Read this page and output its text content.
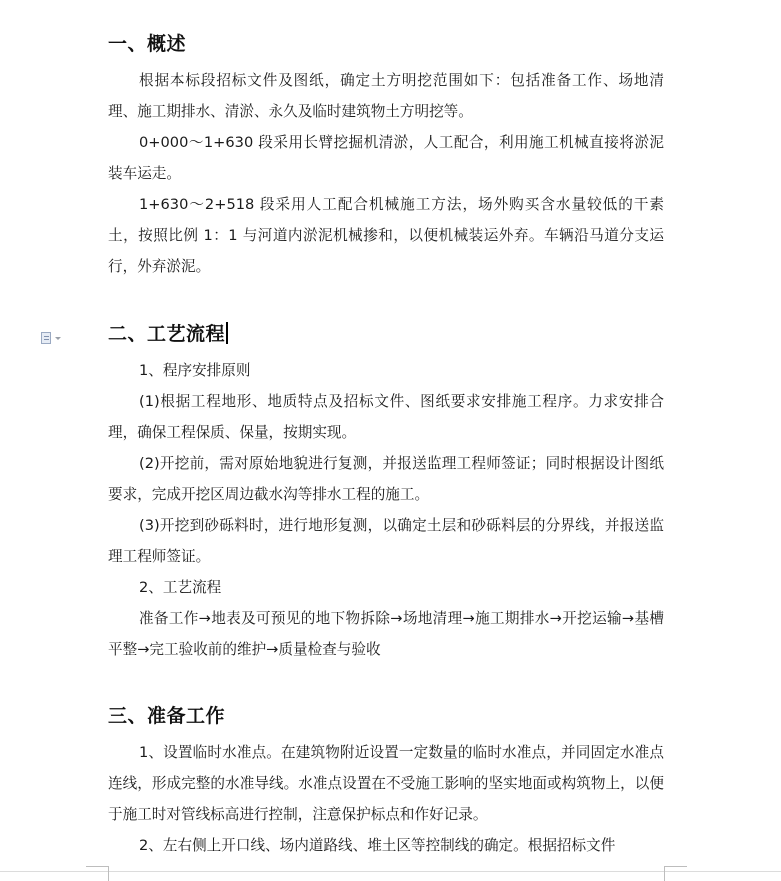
一、概述

根据本标段招标文件及图纸，确定土方明挖范围如下：包括准备工作、场地清理、施工期排水、清淤、永久及临时建筑物土方明挖等。

0+000～1+630 段采用长臂挖掘机清淤，人工配合，利用施工机械直接将淤泥装车运走。

1+630～2+518 段采用人工配合机械施工方法，场外购买含水量较低的干素土，按照比例 1：1 与河道内淤泥机械掺和，以便机械装运外弃。车辆沿马道分支运行，外弃淤泥。

二、工艺流程

1、程序安排原则

(1)根据工程地形、地质特点及招标文件、图纸要求安排施工程序。力求安排合理，确保工程保质、保量，按期实现。

(2)开挖前，需对原始地貌进行复测，并报送监理工程师签证；同时根据设计图纸要求，完成开挖区周边截水沟等排水工程的施工。

(3)开挖到砂砾料时，进行地形复测，以确定土层和砂砾料层的分界线，并报送监理工程师签证。

2、工艺流程

准备工作→地表及可预见的地下物拆除→场地清理→施工期排水→开挖运输→基槽平整→完工验收前的维护→质量检查与验收

三、准备工作

1、设置临时水准点。在建筑物附近设置一定数量的临时水准点，并同固定水准点连线，形成完整的水准导线。水准点设置在不受施工影响的坚实地面或构筑物上，以便于施工时对管线标高进行控制，注意保护标点和作好记录。

2、左右侧上开口线、场内道路线、堆土区等控制线的确定。根据招标文件
